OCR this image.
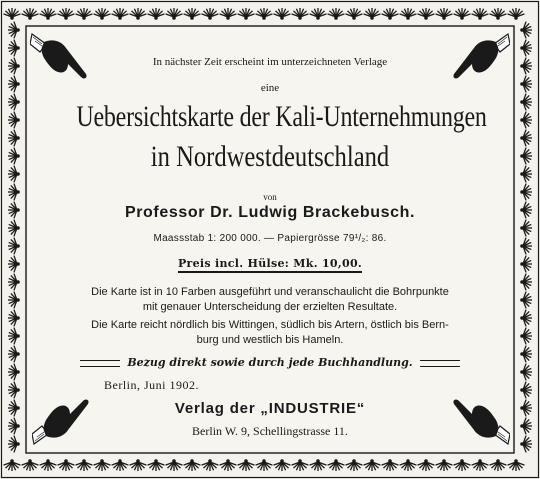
In nächster Zeit erscheint im unterzeichneten Verlage
eine
Uebersichtskarte der Kali-Unternehmungen
in Nordwestdeutschland
von
Professor Dr. Ludwig Brackebusch.
Maassstab 1: 200 000. — Papiergrösse 79¹/₂: 86.
Preis incl. Hülse: Mk. 10,00.
Die Karte ist in 10 Farben ausgeführt und veranschaulicht die Bohrpunkte
mit genauer Unterscheidung der erzielten Resultate.
Die Karte reicht nördlich bis Wittingen, südlich bis Artern, östlich bis Bern-
burg und westlich bis Hameln.
Bezug direkt sowie durch jede Buchhandlung.
Berlin, Juni 1902.
Verlag der „INDUSTRIE“
Berlin W. 9, Schellingstrasse 11.
